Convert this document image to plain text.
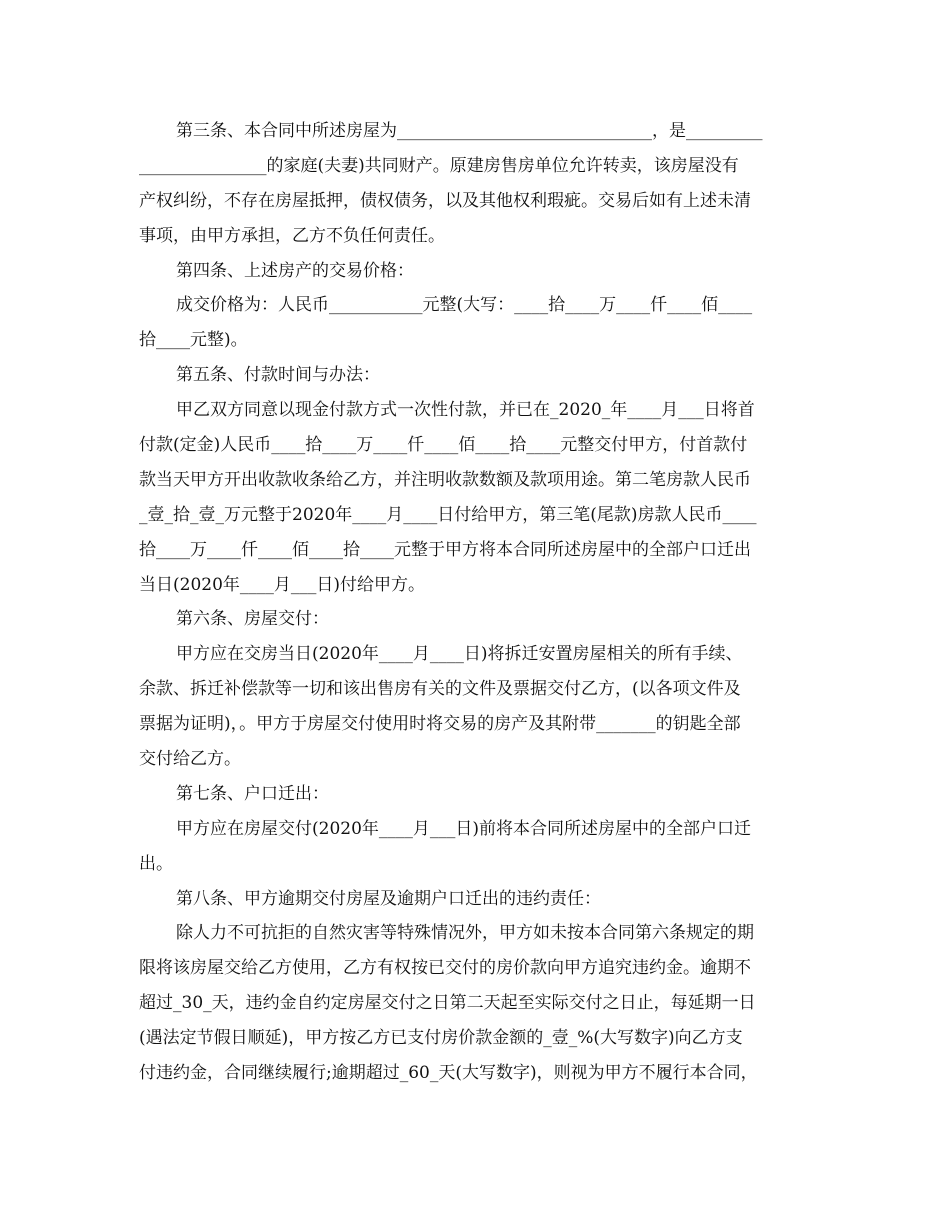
第三条、本合同中所述房屋为______________________________，是_________
_______________的家庭(夫妻)共同财产。原建房售房单位允许转卖，该房屋没有
产权纠纷，不存在房屋抵押，债权债务，以及其他权利瑕疵。交易后如有上述未清
事项，由甲方承担，乙方不负任何责任。
第四条、上述房产的交易价格：
成交价格为：人民币___________元整(大写：____拾____万____仟____佰____
拾____元整)。
第五条、付款时间与办法：
甲乙双方同意以现金付款方式一次性付款，并已在_2020_年____月___日将首
付款(定金)人民币____拾____万____仟____佰____拾____元整交付甲方，付首款付
款当天甲方开出收款收条给乙方，并注明收款数额及款项用途。第二笔房款人民币
_壹_拾_壹_万元整于2020年____月____日付给甲方，第三笔(尾款)房款人民币____
拾____万____仟____佰____拾____元整于甲方将本合同所述房屋中的全部户口迁出
当日(2020年____月___日)付给甲方。
第六条、房屋交付：
甲方应在交房当日(2020年____月____日)将拆迁安置房屋相关的所有手续、
余款、拆迁补偿款等一切和该出售房有关的文件及票据交付乙方，(以各项文件及
票据为证明)，。甲方于房屋交付使用时将交易的房产及其附带_______的钥匙全部
交付给乙方。
第七条、户口迁出：
甲方应在房屋交付(2020年____月___日)前将本合同所述房屋中的全部户口迁
出。
第八条、甲方逾期交付房屋及逾期户口迁出的违约责任：
除人力不可抗拒的自然灾害等特殊情况外，甲方如未按本合同第六条规定的期
限将该房屋交给乙方使用，乙方有权按已交付的房价款向甲方追究违约金。逾期不
超过_30_天，违约金自约定房屋交付之日第二天起至实际交付之日止，每延期一日
(遇法定节假日顺延)，甲方按乙方已支付房价款金额的_壹_%(大写数字)向乙方支
付违约金，合同继续履行;逾期超过_60_天(大写数字)，则视为甲方不履行本合同，
